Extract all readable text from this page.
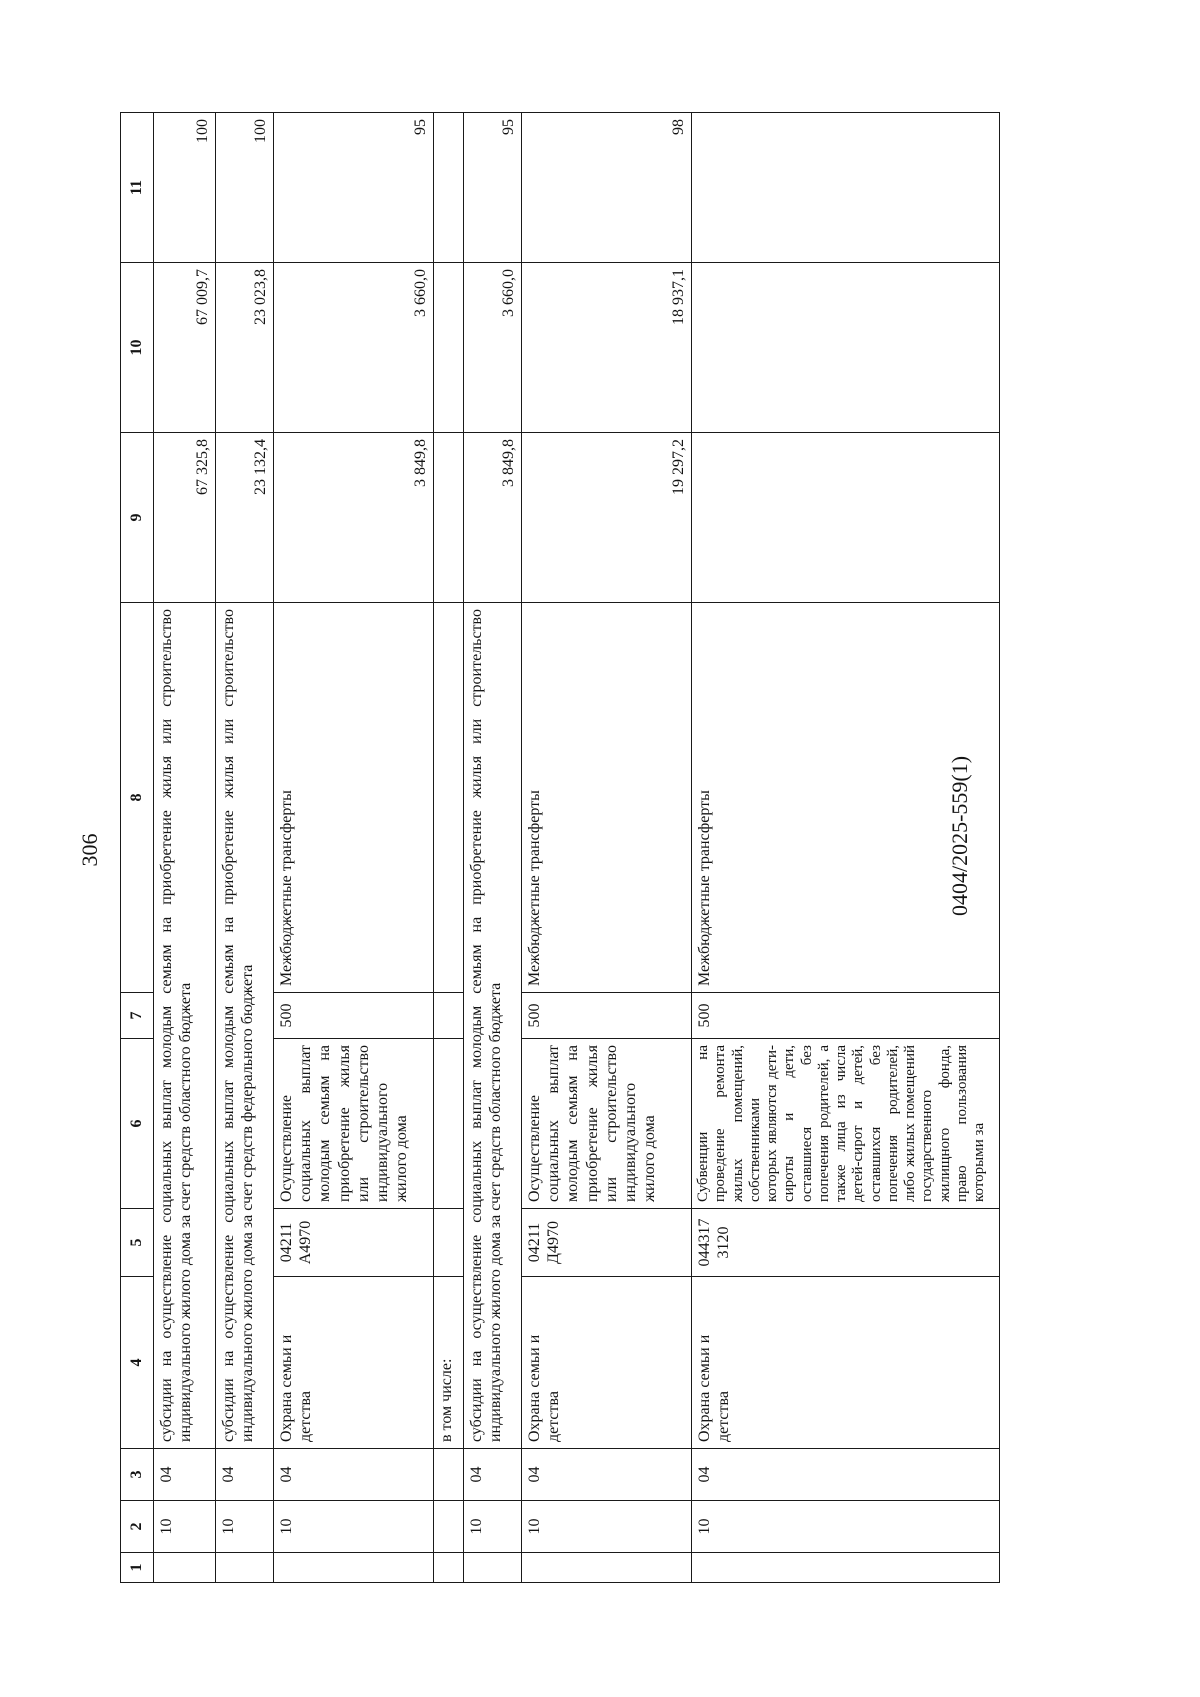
306	0404/2025-559(1)
1	2	3	4	5	6	7	8	9	10	11
	10	04	субсидии на осуществление социальных выплат молодым семьям на приобретение жилья или строительство индивидуального жилого дома за счет средств областного бюджета					67 325,8	67 009,7	100
	10	04	субсидии на осуществление социальных выплат молодым семьям на приобретение жилья или строительство индивидуального жилого дома за счет средств федерального бюджета					23 132,4	23 023,8	100
	10	04	Охрана семьи и детства	04211 А4970	Осуществление социальных выплат молодым семьям на приобретение жилья или строительство индивидуального жилого дома	500	Межбюджетные трансферты	3 849,8	3 660,0	95
			в том числе:							
	10	04	субсидии на осуществление социальных выплат молодым семьям на приобретение жилья или строительство индивидуального жилого дома за счет средств областного бюджета					3 849,8	3 660,0	95
	10	04	Охрана семьи и детства	04211 Д4970	Осуществление социальных выплат молодым семьям на приобретение жилья или строительство индивидуального жилого дома	500	Межбюджетные трансферты	19 297,2	18 937,1	98
	10	04	Охрана семьи и детства	044317 3120	Субвенции на проведение ремонта жилых помещений, собственниками которых являются дети-сироты и дети, оставшиеся без попечения родителей, а также лица из числа детей-сирот и детей, оставшихся без попечения родителей, либо жилых помещений государственного жилищного фонда, право пользования которыми за	500	Межбюджетные трансферты			
